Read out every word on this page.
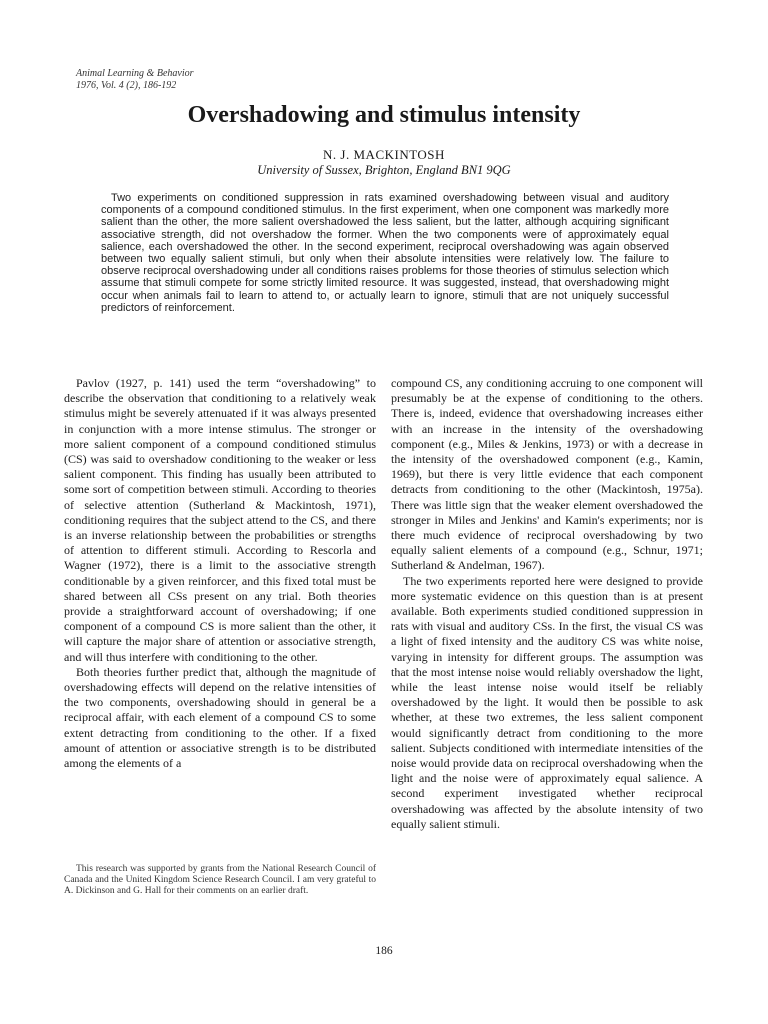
Animal Learning & Behavior
1976, Vol. 4 (2), 186-192
Overshadowing and stimulus intensity
N. J. MACKINTOSH
University of Sussex, Brighton, England BN1 9QG

Two experiments on conditioned suppression in rats examined overshadowing between visual and auditory components of a compound conditioned stimulus. In the first experiment, when one component was markedly more salient than the other, the more salient overshadowed the less salient, but the latter, although acquiring significant associative strength, did not overshadow the former. When the two components were of approximately equal salience, each overshadowed the other. In the second experiment, reciprocal overshadowing was again observed between two equally salient stimuli, but only when their absolute intensities were relatively low. The failure to observe reciprocal overshadowing under all conditions raises problems for those theories of stimulus selection which assume that stimuli compete for some strictly limited resource. It was suggested, instead, that overshadowing might occur when animals fail to learn to attend to, or actually learn to ignore, stimuli that are not uniquely successful predictors of reinforcement.

Pavlov (1927, p. 141) used the term “overshadowing” to describe the observation that conditioning to a relatively weak stimulus might be severely attenuated if it was always presented in conjunction with a more intense stimulus. The stronger or more salient component of a compound conditioned stimulus (CS) was said to overshadow conditioning to the weaker or less salient component. This finding has usually been attributed to some sort of competition between stimuli. According to theories of selective attention (Sutherland & Mackintosh, 1971), conditioning requires that the subject attend to the CS, and there is an inverse relationship between the probabilities or strengths of attention to different stimuli. According to Rescorla and Wagner (1972), there is a limit to the associative strength conditionable by a given reinforcer, and this fixed total must be shared between all CSs present on any trial. Both theories provide a straightforward account of overshadowing; if one component of a compound CS is more salient than the other, it will capture the major share of attention or associative strength, and will thus interfere with conditioning to the other.

Both theories further predict that, although the magnitude of overshadowing effects will depend on the relative intensities of the two components, overshadowing should in general be a reciprocal affair, with each element of a compound CS to some extent detracting from conditioning to the other. If a fixed amount of attention or associative strength is to be distributed among the elements of a

compound CS, any conditioning accruing to one component will presumably be at the expense of conditioning to the others. There is, indeed, evidence that overshadowing increases either with an increase in the intensity of the overshadowing component (e.g., Miles & Jenkins, 1973) or with a decrease in the intensity of the overshadowed component (e.g., Kamin, 1969), but there is very little evidence that each component detracts from conditioning to the other (Mackintosh, 1975a). There was little sign that the weaker element overshadowed the stronger in Miles and Jenkins' and Kamin's experiments; nor is there much evidence of reciprocal overshadowing by two equally salient elements of a compound (e.g., Schnur, 1971; Sutherland & Andelman, 1967).

The two experiments reported here were designed to provide more systematic evidence on this question than is at present available. Both experiments studied conditioned suppression in rats with visual and auditory CSs. In the first, the visual CS was a light of fixed intensity and the auditory CS was white noise, varying in intensity for different groups. The assumption was that the most intense noise would reliably overshadow the light, while the least intense noise would itself be reliably overshadowed by the light. It would then be possible to ask whether, at these two extremes, the less salient component would significantly detract from conditioning to the more salient. Subjects conditioned with intermediate intensities of the noise would provide data on reciprocal overshadowing when the light and the noise were of approximately equal salience. A second experiment investigated whether reciprocal overshadowing was affected by the absolute intensity of two equally salient stimuli.

This research was supported by grants from the National Research Council of Canada and the United Kingdom Science Research Council. I am very grateful to A. Dickinson and G. Hall for their comments on an earlier draft.

186
